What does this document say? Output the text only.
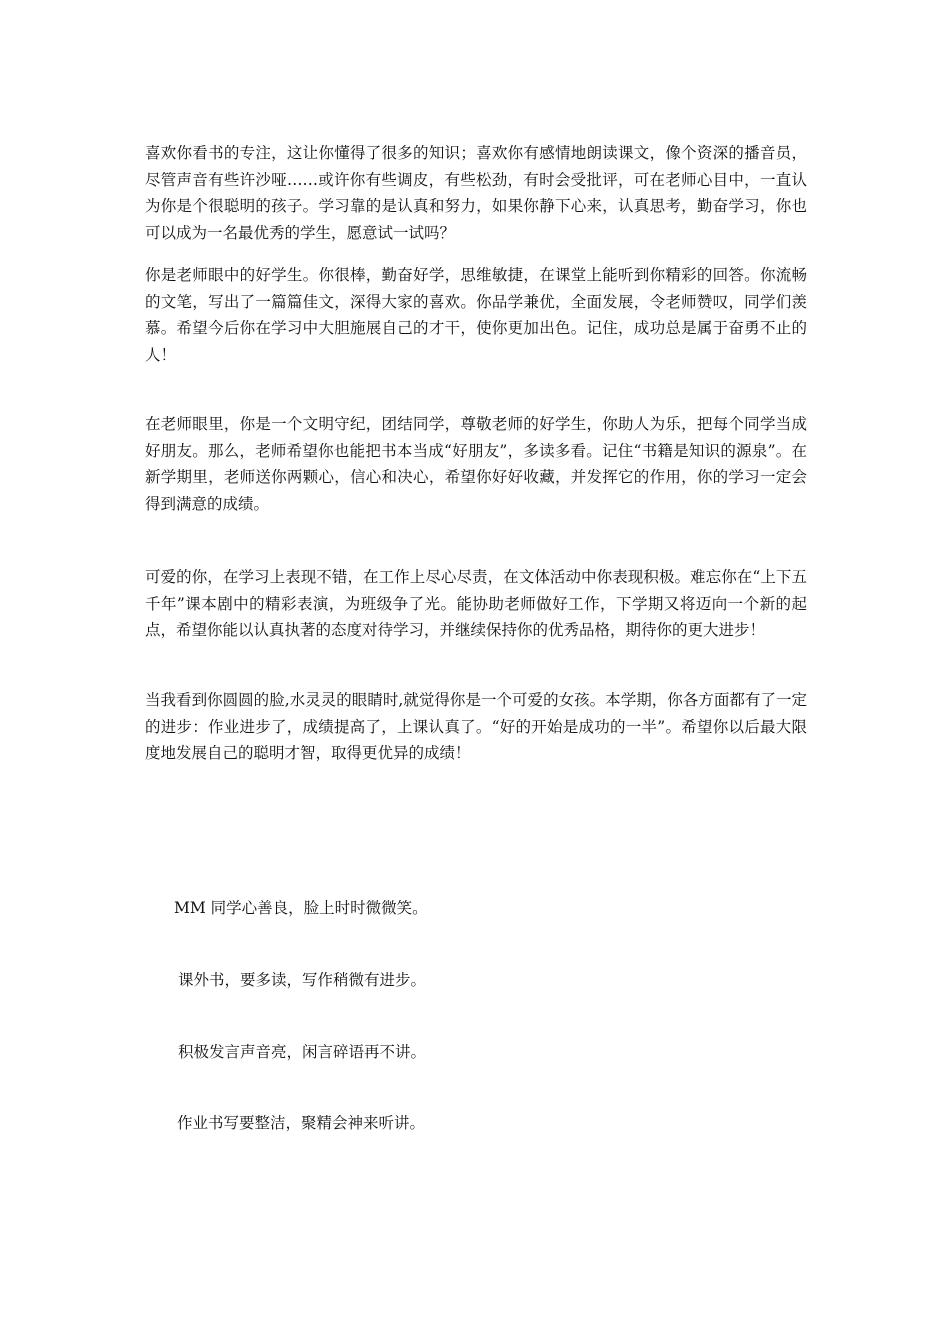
喜欢你看书的专注，这让你懂得了很多的知识；喜欢你有感情地朗读课文，像个资深的播音员，尽管声音有些许沙哑……或许你有些调皮，有些松劲，有时会受批评，可在老师心目中，一直认为你是个很聪明的孩子。学习靠的是认真和努力，如果你静下心来，认真思考，勤奋学习，你也可以成为一名最优秀的学生，愿意试一试吗？

你是老师眼中的好学生。你很棒，勤奋好学，思维敏捷，在课堂上能听到你精彩的回答。你流畅的文笔，写出了一篇篇佳文，深得大家的喜欢。你品学兼优，全面发展，令老师赞叹，同学们羡慕。希望今后你在学习中大胆施展自己的才干，使你更加出色。记住，成功总是属于奋勇不止的人！

在老师眼里，你是一个文明守纪，团结同学，尊敬老师的好学生，你助人为乐，把每个同学当成好朋友。那么，老师希望你也能把书本当成“好朋友”，多读多看。记住“书籍是知识的源泉”。在新学期里，老师送你两颗心，信心和决心，希望你好好收藏，并发挥它的作用，你的学习一定会得到满意的成绩。

可爱的你，在学习上表现不错，在工作上尽心尽责，在文体活动中你表现积极。难忘你在“上下五千年”课本剧中的精彩表演，为班级争了光。能协助老师做好工作，下学期又将迈向一个新的起点，希望你能以认真执著的态度对待学习，并继续保持你的优秀品格，期待你的更大进步！

当我看到你圆圆的脸,水灵灵的眼睛时,就觉得你是一个可爱的女孩。本学期，你各方面都有了一定的进步：作业进步了，成绩提高了，上课认真了。“好的开始是成功的一半”。希望你以后最大限度地发展自己的聪明才智，取得更优异的成绩！

MM 同学心善良，脸上时时微微笑。

课外书，要多读，写作稍微有进步。

积极发言声音亮，闲言碎语再不讲。

作业书写要整洁，聚精会神来听讲。
